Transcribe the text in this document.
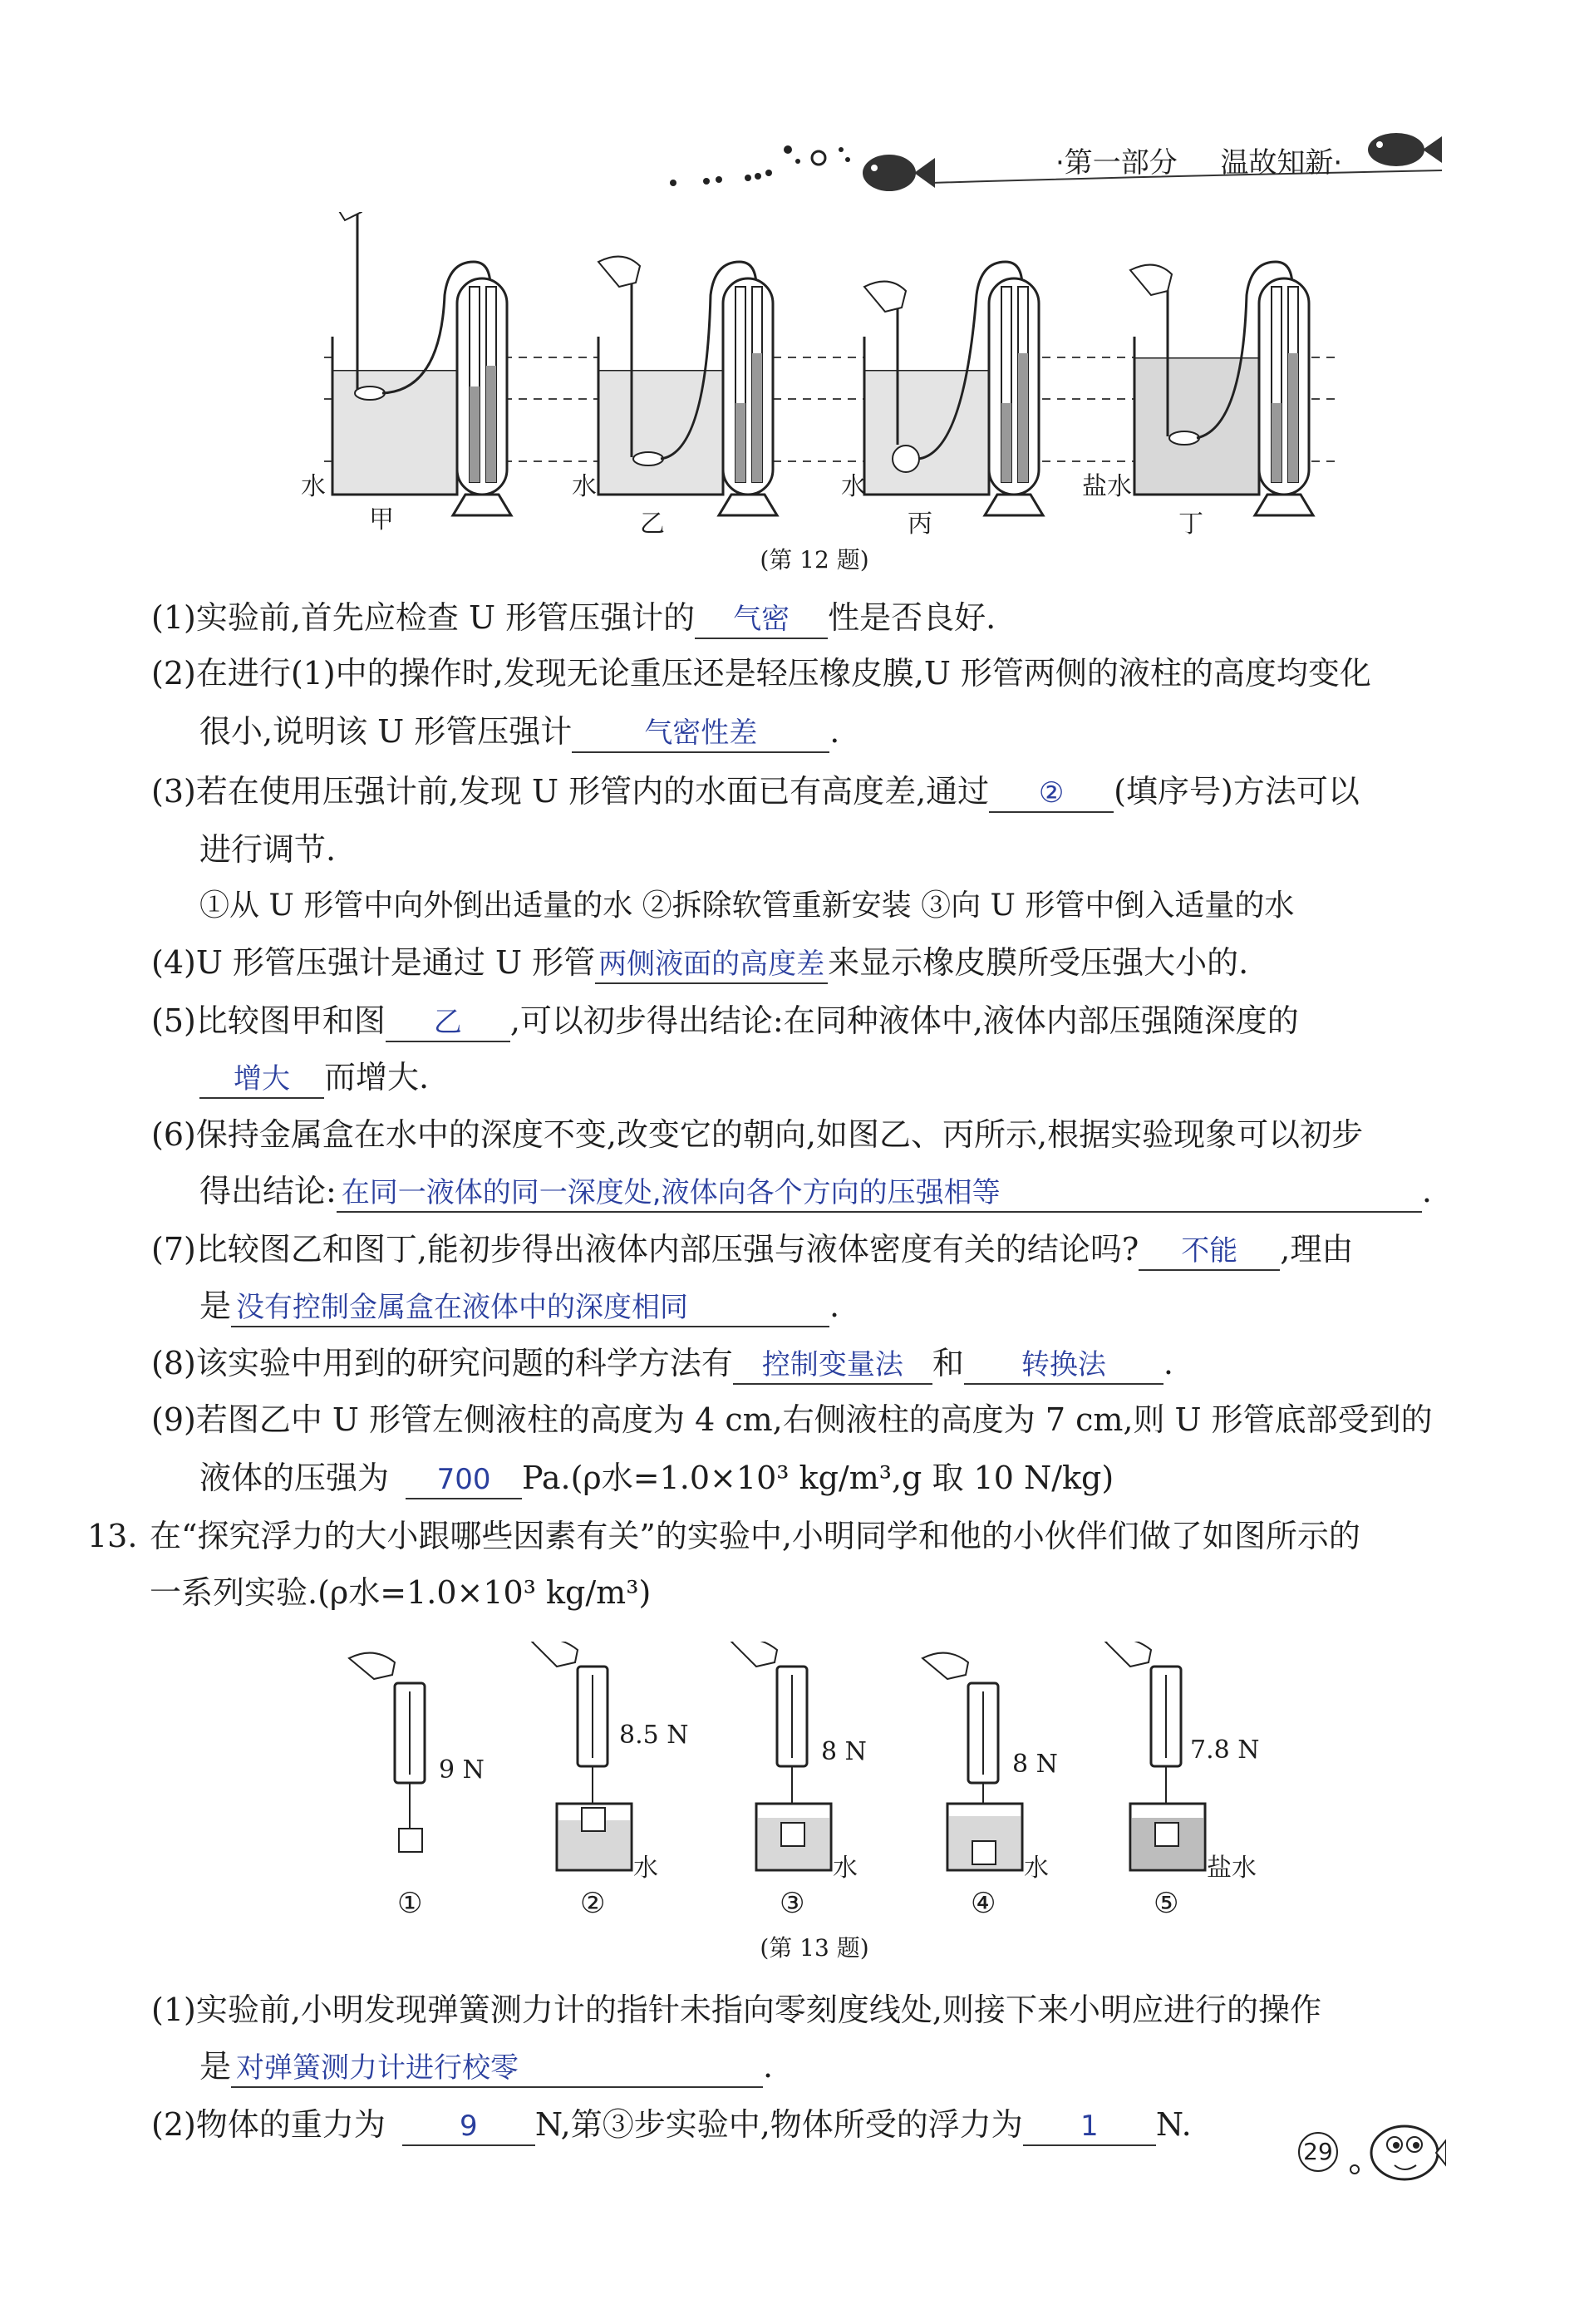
·第一部分 温故知新·
水
甲
水
乙
水
丙
盐水
丁
(第 12 题)
(1)实验前,首先应检查 U 形管压强计的 气密 性是否良好.
(2)在进行(1)中的操作时,发现无论重压还是轻压橡皮膜,U 形管两侧的液柱的高度均变化
很小,说明该 U 形管压强计	气密性差 .
(3)若在使用压强计前,发现 U 形管内的水面已有高度差,通过 ② (填序号)方法可以
进行调节.
①从 U 形管中向外倒出适量的水 ②拆除软管重新安装 ③向 U 形管中倒入适量的水
(4)U 形管压强计是通过 U 形管 两侧液面的高度差 来显示橡皮膜所受压强大小的.
(5)比较图甲和图 乙 ,可以初步得出结论:在同种液体中,液体内部压强随深度的
增大 而增大.
(6)保持金属盒在水中的深度不变,改变它的朝向,如图乙、丙所示,根据实验现象可以初步
得出结论: 在同一液体的同一深度处,液体向各个方向的压强相等	.
(7)比较图乙和图丁,能初步得出液体内部压强与液体密度有关的结论吗? 不能 ,理由
是 没有控制金属盒在液体中的深度相同	.
(8)该实验中用到的研究问题的科学方法有 控制变量法 和 转换法 .
(9)若图乙中 U 形管左侧液柱的高度为 4 cm,右侧液柱的高度为 7 cm,则 U 形管底部受到的
液体的压强为 700 Pa.(ρ水=1.0×10³ kg/m³,g 取 10 N/kg)
13. 在“探究浮力的大小跟哪些因素有关”的实验中,小明同学和他的小伙伴们做了如图所示的
一系列实验.(ρ水=1.0×10³ kg/m³)
9 N
8.5 N
8 N	8 N	7.8 N
水	水	水	盐水
①	②	③	④	⑤
(第 13 题)
(1)实验前,小明发现弹簧测力计的指针未指向零刻度线处,则接下来小明应进行的操作
是 对弹簧测力计进行校零	.
(2)物体的重力为	9 N,第③步实验中,物体所受的浮力为 1 N.
29
